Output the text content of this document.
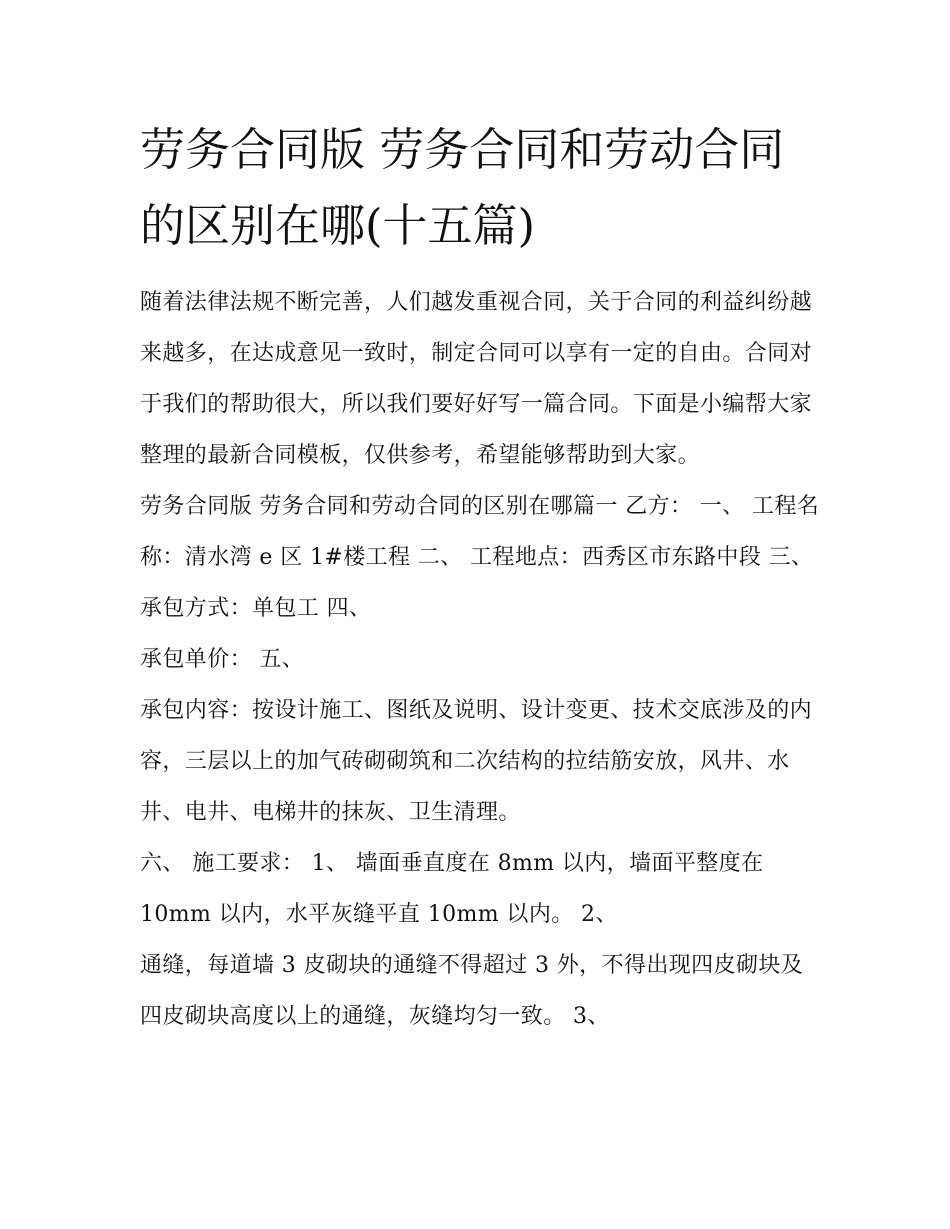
劳务合同版 劳务合同和劳动合同的区别在哪(十五篇)

随着法律法规不断完善，人们越发重视合同，关于合同的利益纠纷越来越多，在达成意见一致时，制定合同可以享有一定的自由。合同对于我们的帮助很大，所以我们要好好写一篇合同。下面是小编帮大家整理的最新合同模板，仅供参考，希望能够帮助到大家。

劳务合同版 劳务合同和劳动合同的区别在哪篇一 乙方： 一、 工程名称：清水湾 e 区 1#楼工程 二、 工程地点：西秀区市东路中段 三、 承包方式：单包工 四、

承包单价： 五、

承包内容：按设计施工、图纸及说明、设计变更、技术交底涉及的内容，三层以上的加气砖砌砌筑和二次结构的拉结筋安放，风井、水井、电井、电梯井的抹灰、卫生清理。

六、 施工要求： 1、 墙面垂直度在 8mm 以内，墙面平整度在 10mm 以内，水平灰缝平直 10mm 以内。 2、

通缝，每道墙 3 皮砌块的通缝不得超过 3 外，不得出现四皮砌块及四皮砌块高度以上的通缝，灰缝均匀一致。 3、
